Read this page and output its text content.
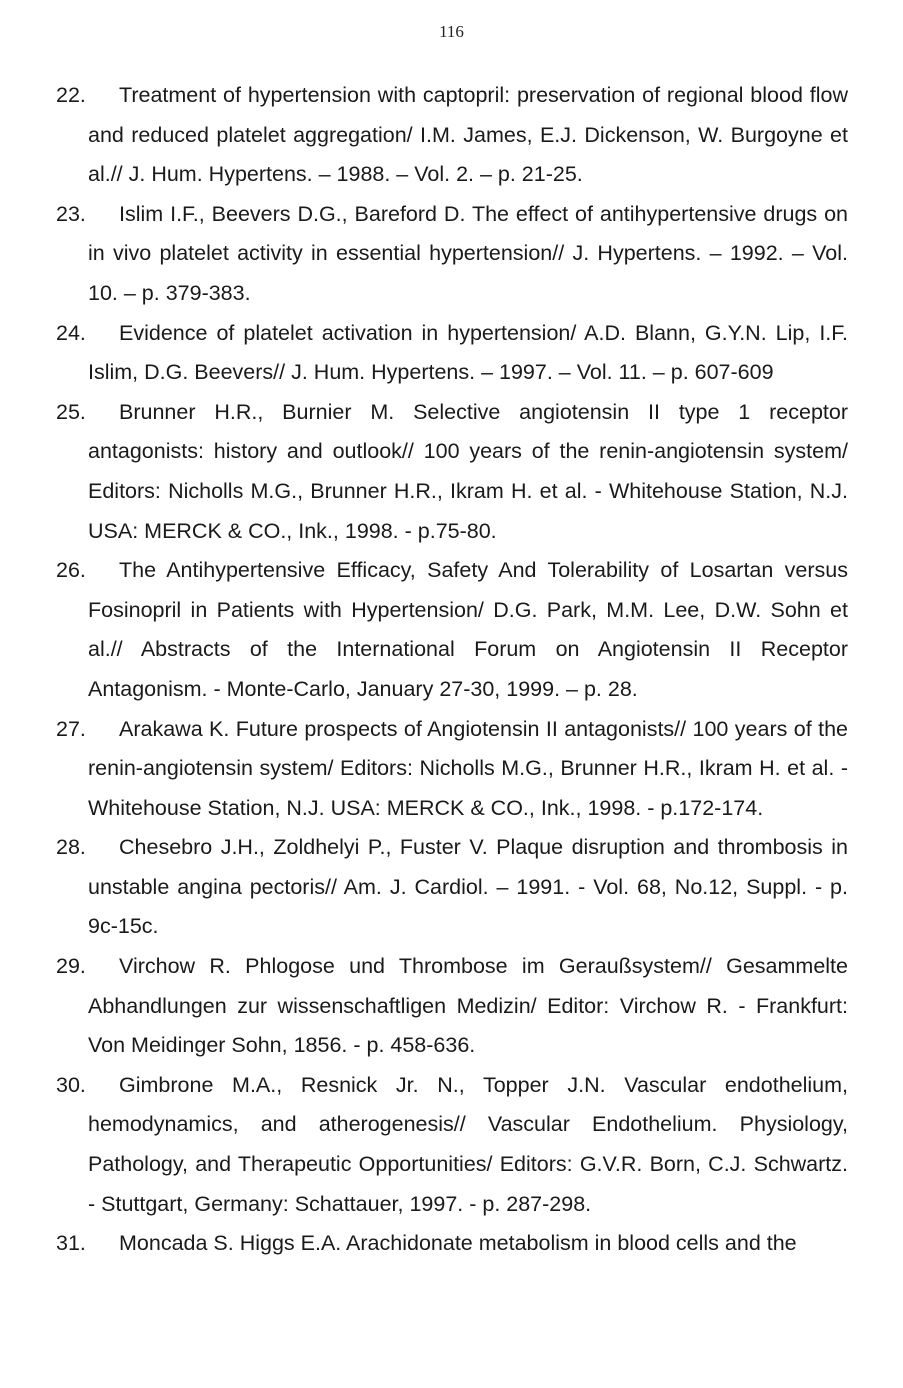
116
22.	Treatment of hypertension with captopril: preservation of regional blood flow and reduced platelet aggregation/ I.M. James, E.J. Dickenson, W. Burgoyne et al.// J. Hum. Hypertens. – 1988. – Vol. 2. – p. 21-25.
23.	Islim I.F., Beevers D.G., Bareford D. The effect of antihypertensive drugs on in vivo platelet activity in essential hypertension// J. Hypertens. – 1992. – Vol. 10. – p. 379-383.
24.	Evidence of platelet activation in hypertension/ A.D. Blann, G.Y.N. Lip, I.F. Islim, D.G. Beevers// J. Hum. Hypertens. – 1997. – Vol. 11. – p. 607-609
25.	Brunner H.R., Burnier M. Selective angiotensin II type 1 receptor antagonists: history and outlook// 100 years of the renin-angiotensin system/ Editors: Nicholls M.G., Brunner H.R., Ikram H. et al. - Whitehouse Station, N.J. USA: MERCK & CO., Ink., 1998. - p.75-80.
26.	The Antihypertensive Efficacy, Safety And Tolerability of Losartan versus Fosinopril in Patients with Hypertension/ D.G. Park, M.M. Lee, D.W. Sohn et al.// Abstracts of the International Forum on Angiotensin II Receptor Antagonism. - Monte-Carlo, January 27-30, 1999. – p. 28.
27.	Arakawa K. Future prospects of Angiotensin II antagonists// 100 years of the renin-angiotensin system/ Editors: Nicholls M.G., Brunner H.R., Ikram H. et al. - Whitehouse Station, N.J. USA: MERCK & CO., Ink., 1998. - p.172-174.
28.	Chesebro J.H., Zoldhelyi P., Fuster V. Plaque disruption and thrombosis in unstable angina pectoris// Am. J. Cardiol. – 1991. - Vol. 68, No.12, Suppl. - p. 9c-15c.
29.	Virchow R. Phlogose und Thrombose im Geraußsystem// Gesammelte Abhandlungen zur wissenschaftligen Medizin/ Editor: Virchow R. - Frankfurt: Von Meidinger Sohn, 1856. - p. 458-636.
30.	Gimbrone M.A., Resnick Jr. N., Topper J.N. Vascular endothelium, hemodynamics, and atherogenesis// Vascular Endothelium. Physiology, Pathology, and Therapeutic Opportunities/ Editors: G.V.R. Born, C.J. Schwartz. - Stuttgart, Germany: Schattauer, 1997. - p. 287-298.
31.	Moncada S. Higgs E.A. Arachidonate metabolism in blood cells and the
